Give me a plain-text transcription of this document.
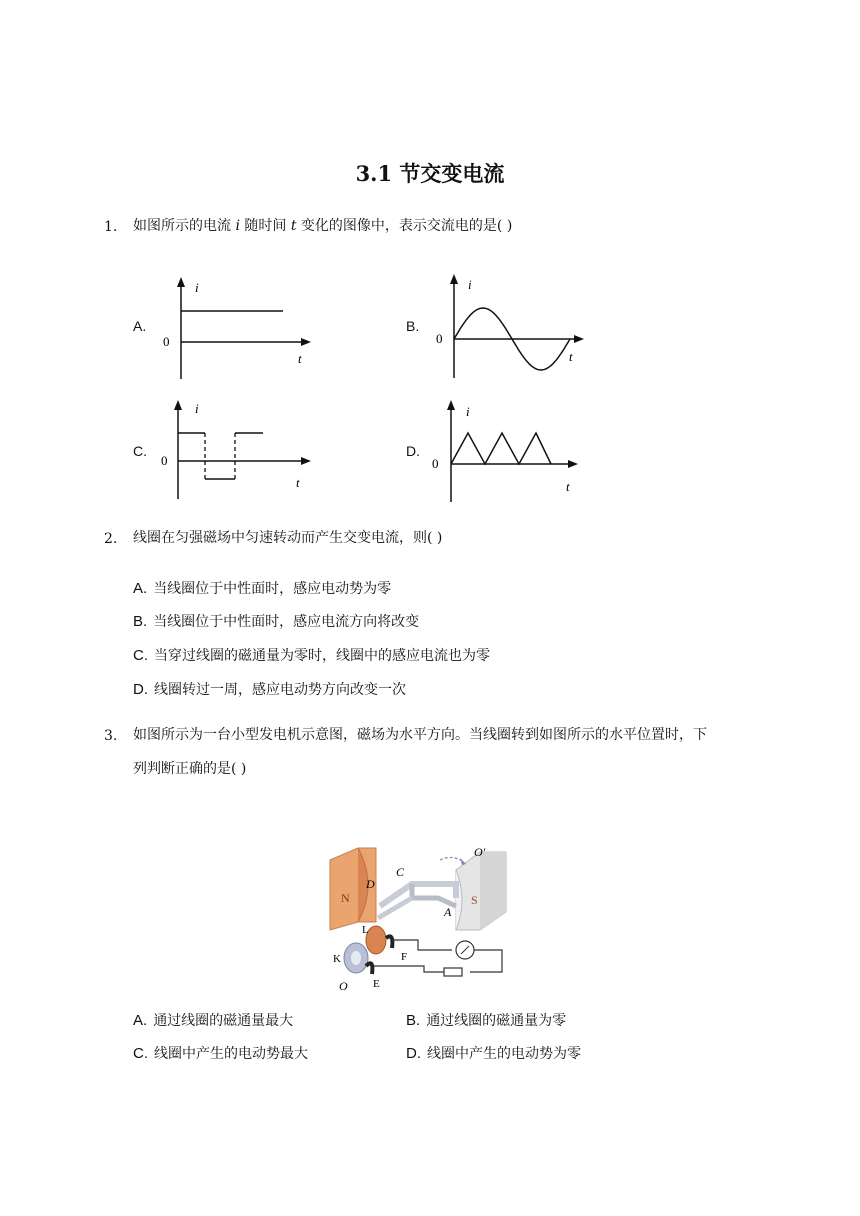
3.1 节交变电流
1. 如图所示的电流 i 随时间 t 变化的图像中，表示交流电的是( )
A.
i
0
t
B.
i
0
t
C.
i
0
t
D.
i
0
t
2. 线圈在匀强磁场中匀速转动而产生交变电流，则( )
A. 当线圈位于中性面时，感应电动势为零
B. 当线圈位于中性面时，感应电流方向将改变
C. 当穿过线圈的磁通量为零时，线圈中的感应电流也为零
D. 线圈转过一周，感应电动势方向改变一次
3. 如图所示为一台小型发电机示意图，磁场为水平方向。当线圈转到如图所示的水平位置时，下
列判断正确的是( )
N	S
C
D
A
L
K	F
E
O
O′
A. 通过线圈的磁通量最大	B. 通过线圈的磁通量为零
C. 线圈中产生的电动势最大	D. 线圈中产生的电动势为零
